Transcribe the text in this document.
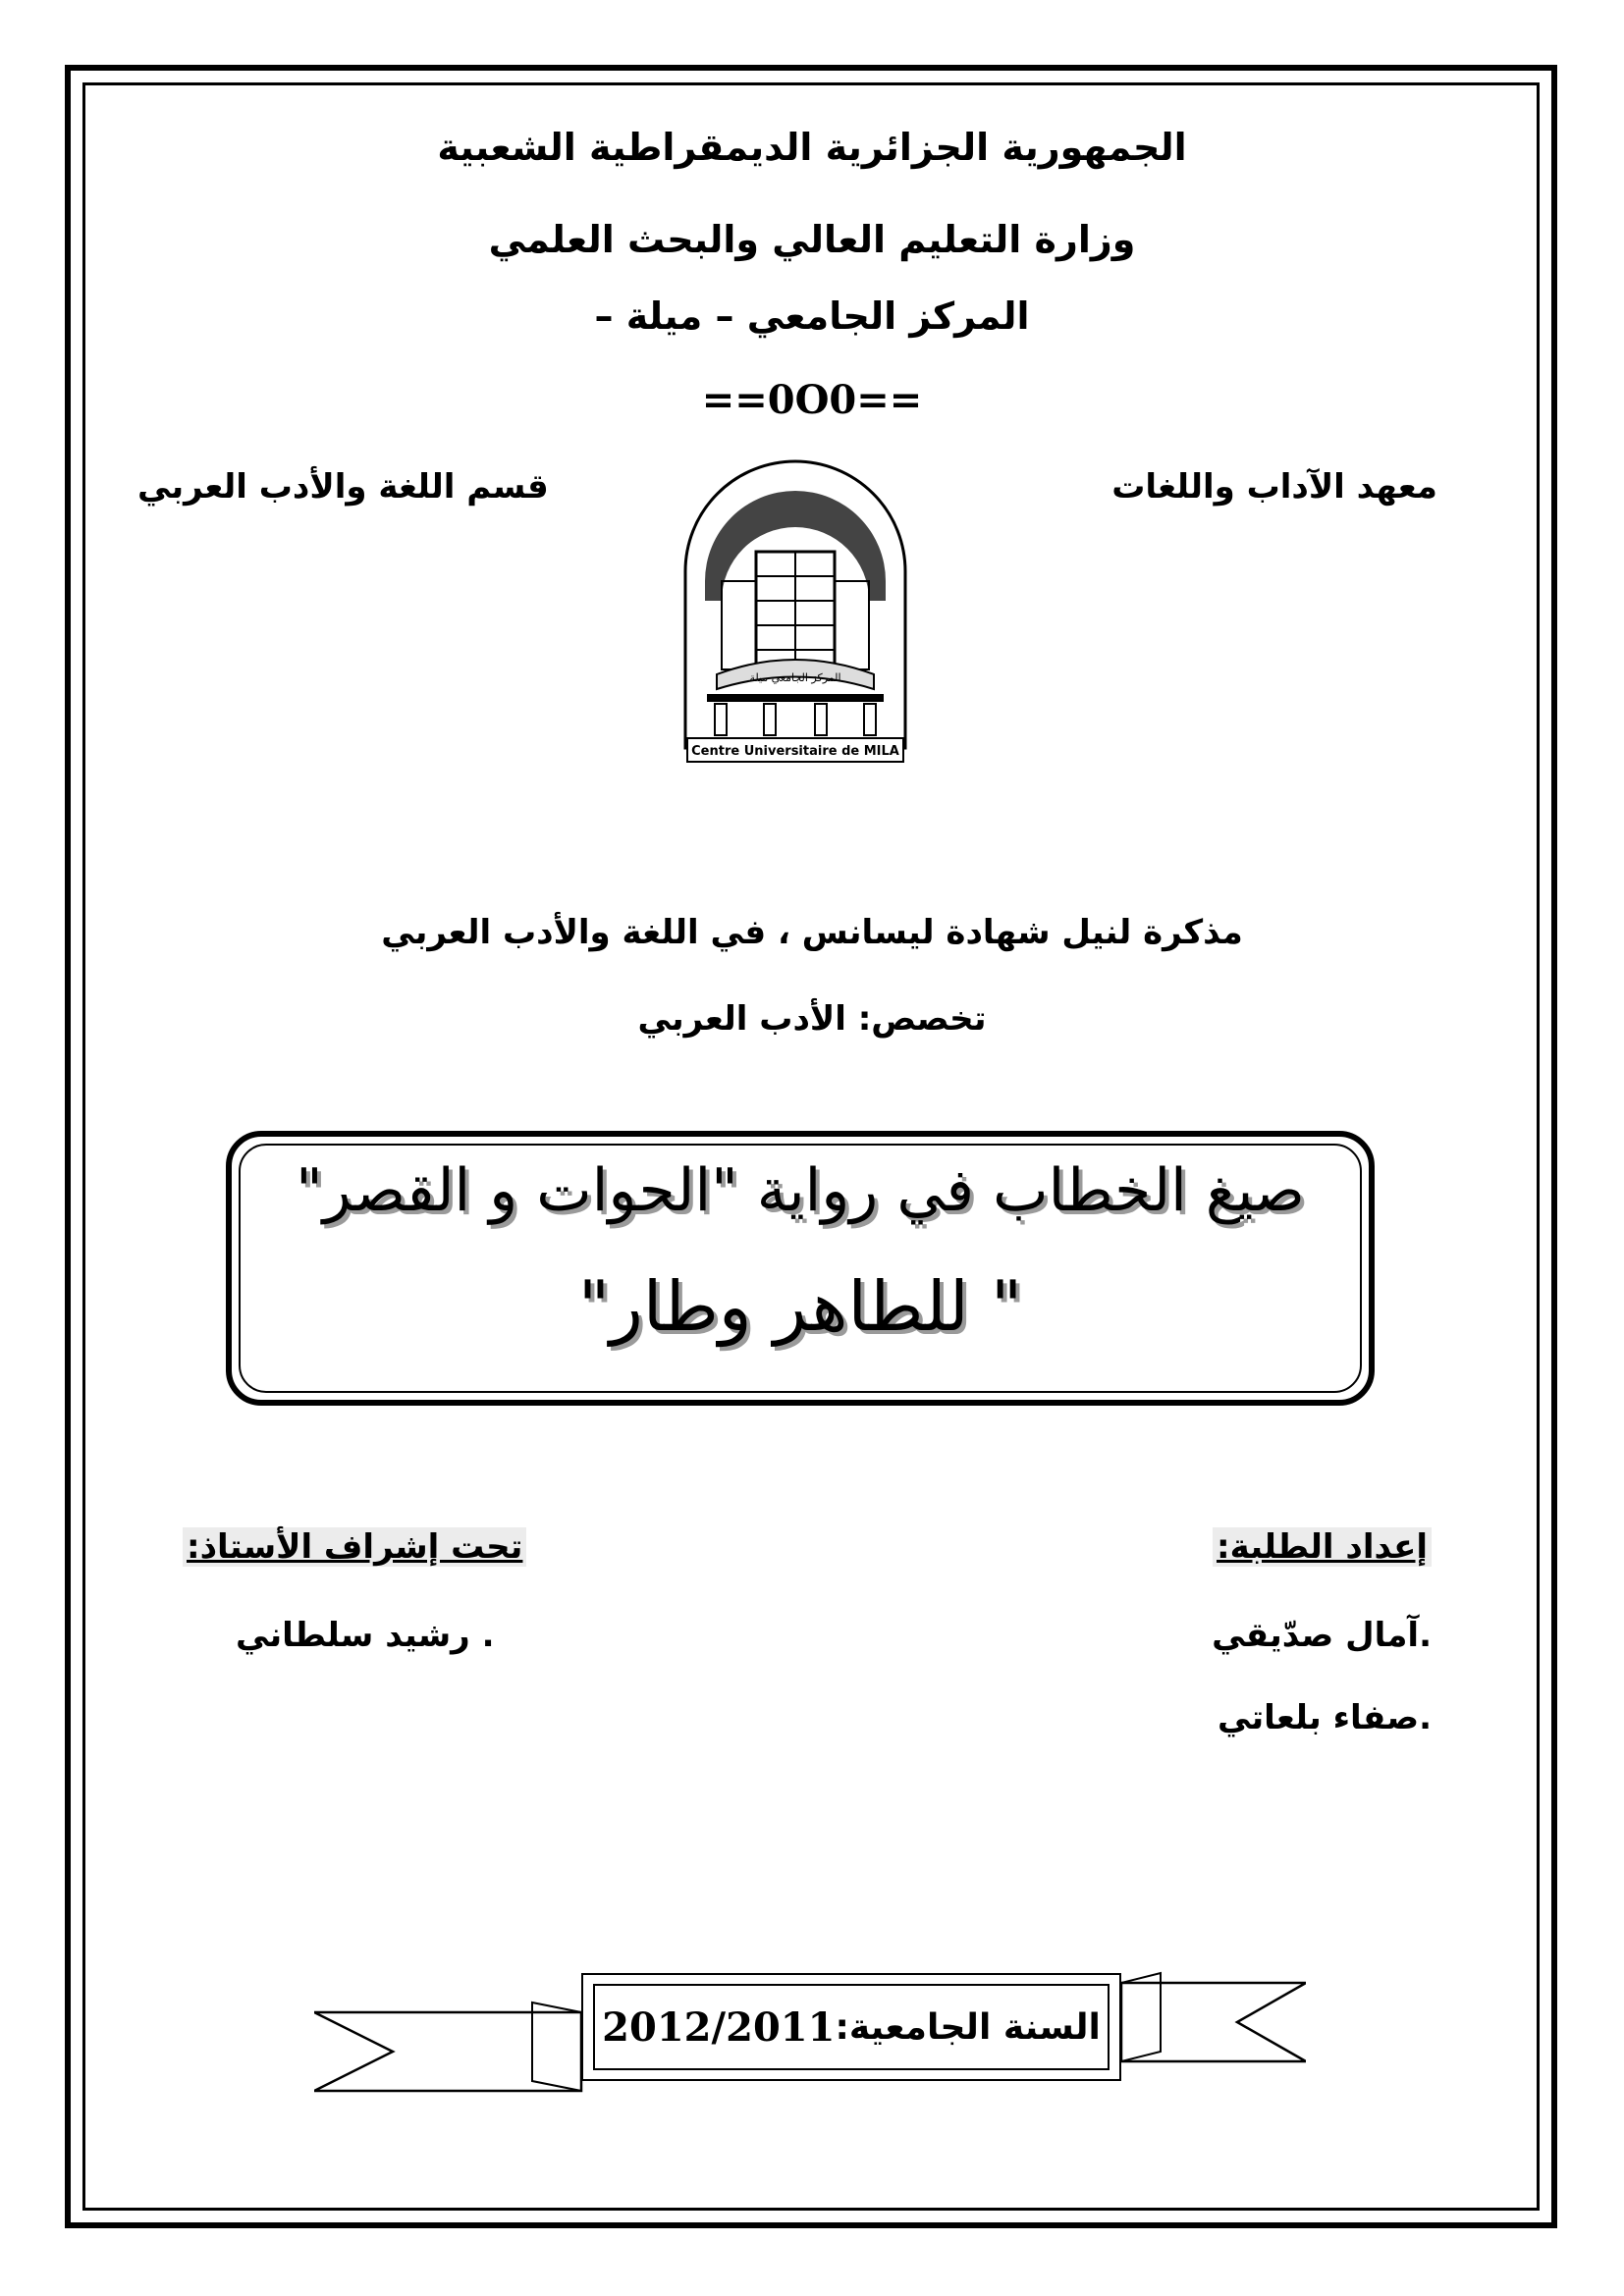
الجمهورية الجزائرية الديمقراطية الشعبية
وزارة التعليم العالي والبحث العلمي
المركز الجامعي – ميلة –
==0O0==
معهد الآداب واللغات
قسم اللغة والأدب العربي
المركز الجامعي ميلة
Centre Universitaire de MILA
مذكرة لنيل شهادة ليسانس ، في اللغة والأدب العربي
تخصص: الأدب العربي
صيغ الخطاب في رواية "الحوات و القصر"
" للطاهر وطار"
إعداد الطلبة:
.آمال صدّيقي
.صفاء بلعاتي
تحت إشراف الأستاذ:
. رشيد سلطاني
السنة الجامعية:
2012/2011
